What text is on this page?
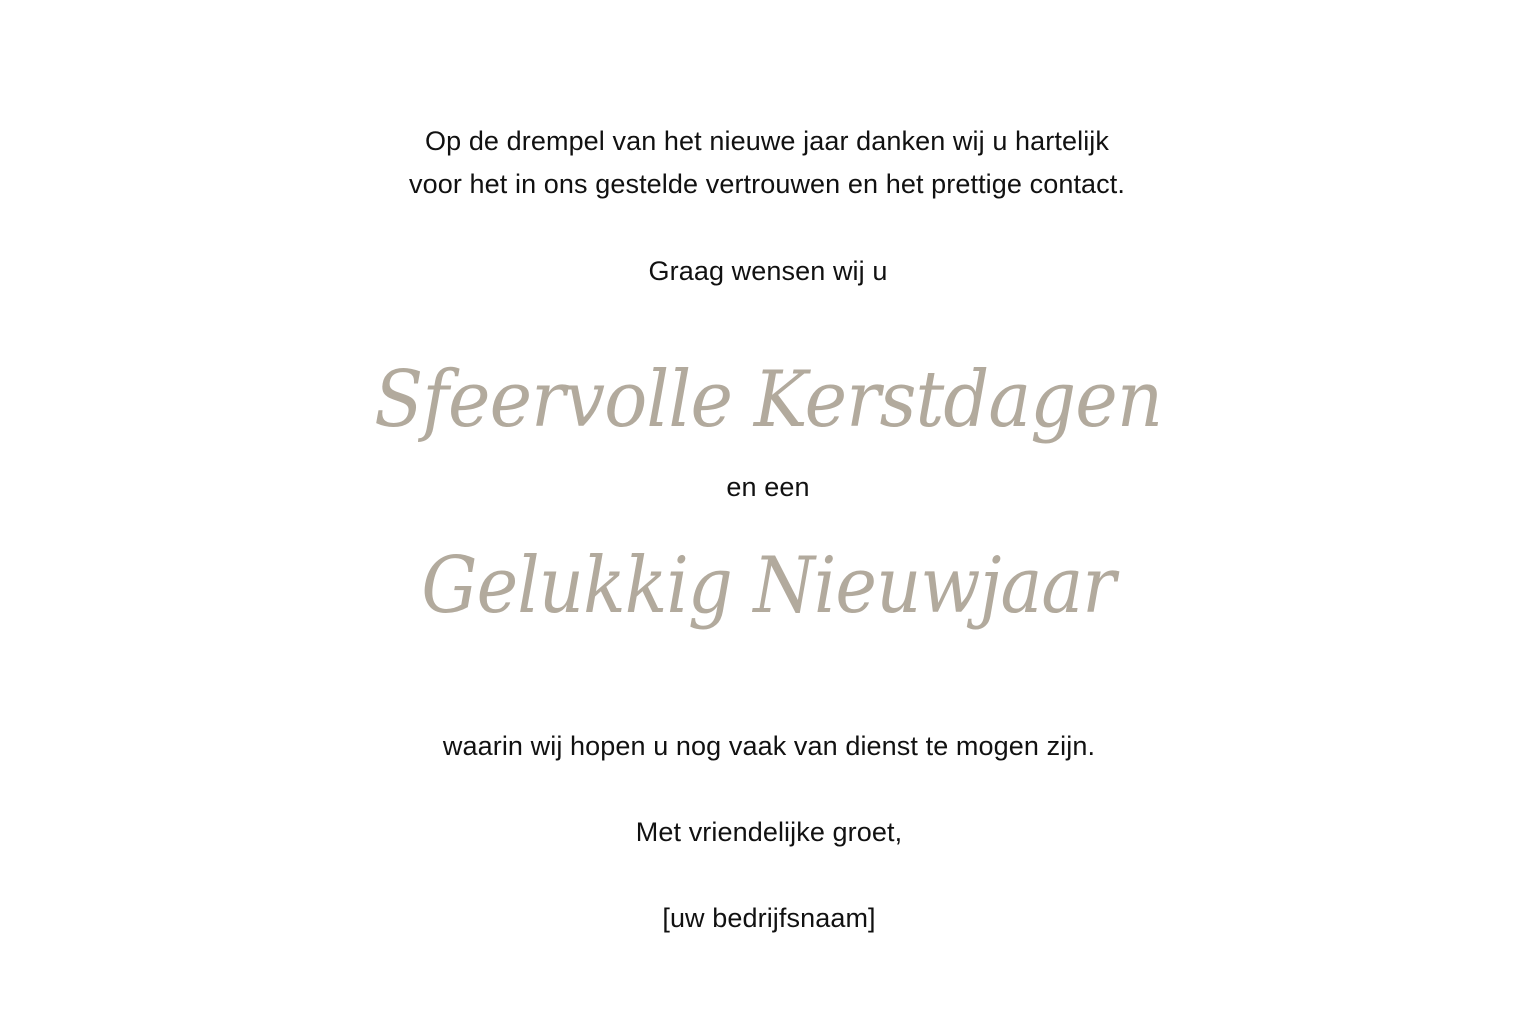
Op de drempel van het nieuwe jaar danken wij u hartelijk
voor het in ons gestelde vertrouwen en het prettige contact.
Graag wensen wij u
Sfeervolle Kerstdagen
en een
Gelukkig Nieuwjaar
waarin wij hopen u nog vaak van dienst te mogen zijn.
Met vriendelijke groet,
[uw bedrijfsnaam]
